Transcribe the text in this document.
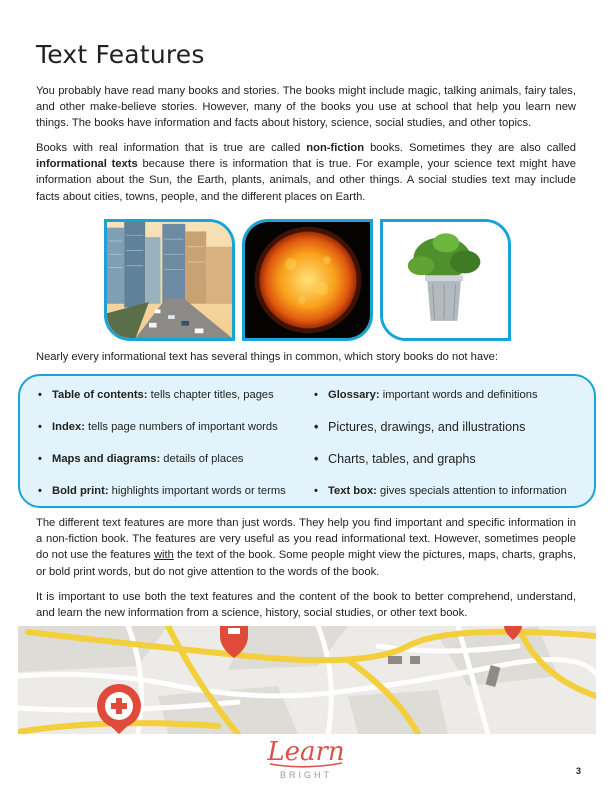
Text Features

You probably have read many books and stories. The books might include magic, talking animals, fairy tales, and other make-believe stories. However, many of the books you use at school that help you learn new things. The books have information and facts about history, science, social studies, and other topics.

Books with real information that is true are called non-fiction books. Sometimes they are also called informational texts because there is information that is true. For example, your science text might have information about the Sun, the Earth, plants, animals, and other things. A social studies text may include facts about cities, towns, people, and the different places on Earth.

Nearly every informational text has several things in common, which story books do not have:

• Table of contents: tells chapter titles, pages
• Index: tells page numbers of important words
• Maps and diagrams: details of places
• Bold print: highlights important words or terms
• Glossary: important words and definitions
• Pictures, drawings, and illustrations
• Charts, tables, and graphs
• Text box: gives specials attention to information

The different text features are more than just words. They help you find important and specific information in a non-fiction book. The features are very useful as you read informational text. However, sometimes people do not use the features with the text of the book. Some people might view the pictures, maps, charts, graphs, or bold print words, but do not give attention to the words of the book.

It is important to use both the text features and the content of the book to better comprehend, understand, and learn the new information from a science, history, social studies, or other text book.

Learn
BRIGHT	3
